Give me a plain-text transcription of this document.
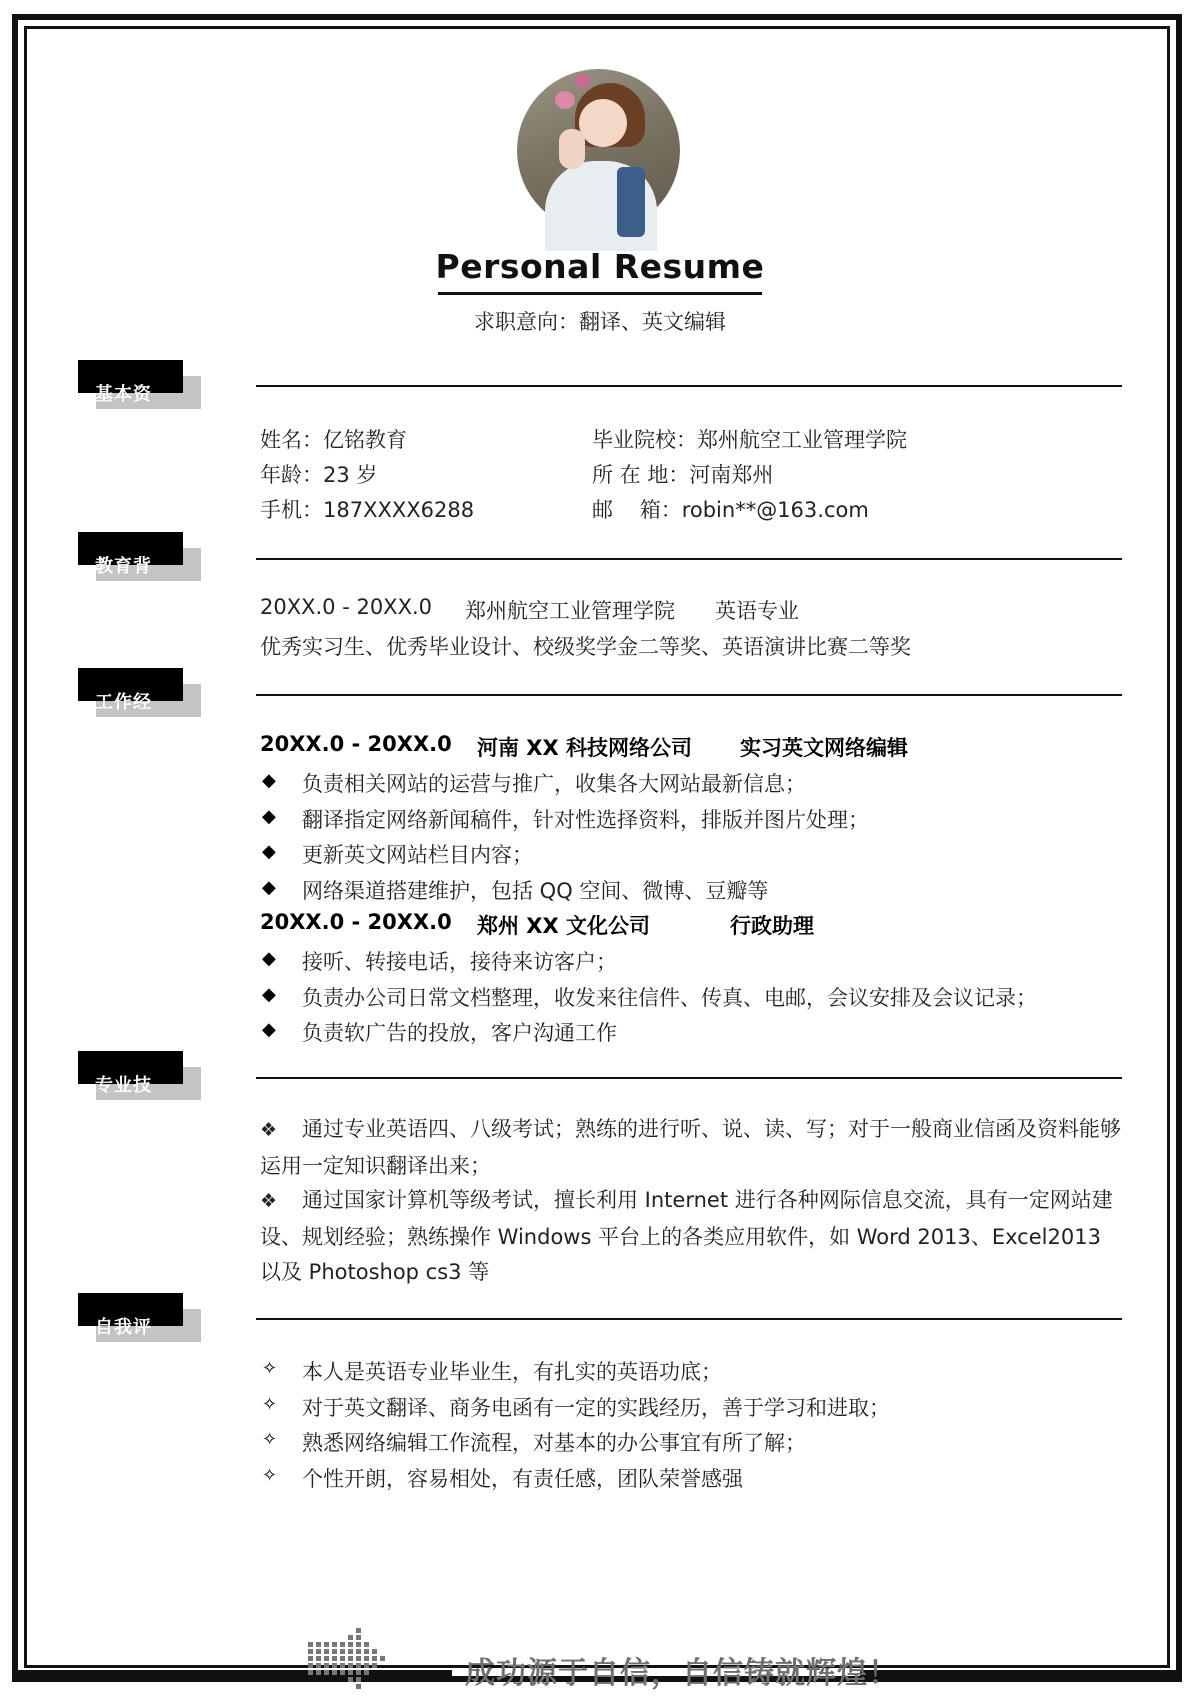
Personal Resume
求职意向：翻译、英文编辑
基本资
姓名：亿铭教育
年龄：23 岁
手机：187XXXX6288
毕业院校：郑州航空工业管理学院
所 在 地：河南郑州
邮    箱：robin**@163.com
教育背
20XX.0 - 20XX.0 郑州航空工业管理学院 英语专业
优秀实习生、优秀毕业设计、校级奖学金二等奖、英语演讲比赛二等奖
工作经
20XX.0 - 20XX.0 河南 XX 科技网络公司 实习英文网络编辑
◆ 负责相关网站的运营与推广，收集各大网站最新信息；
◆ 翻译指定网络新闻稿件，针对性选择资料，排版并图片处理；
◆ 更新英文网站栏目内容；
◆ 网络渠道搭建维护，包括 QQ 空间、微博、豆瓣等
20XX.0 - 20XX.0 郑州 XX 文化公司	行政助理
◆ 接听、转接电话，接待来访客户；
◆ 负责办公司日常文档整理，收发来往信件、传真、电邮，会议安排及会议记录；
◆ 负责软广告的投放，客户沟通工作
专业技
❖ 通过专业英语四、八级考试；熟练的进行听、说、读、写；对于一般商业信函及资料能够运用一定知识翻译出来；
❖ 通过国家计算机等级考试，擅长利用 Internet 进行各种网际信息交流，具有一定网站建设、规划经验；熟练操作 Windows 平台上的各类应用软件，如 Word 2013、Excel2013 以及 Photoshop cs3 等
自我评
✧ 本人是英语专业毕业生，有扎实的英语功底；
✧ 对于英文翻译、商务电函有一定的实践经历，善于学习和进取；
✧ 熟悉网络编辑工作流程，对基本的办公事宜有所了解；
✧ 个性开朗，容易相处，有责任感，团队荣誉感强
成功源于自信，自信铸就辉煌！
